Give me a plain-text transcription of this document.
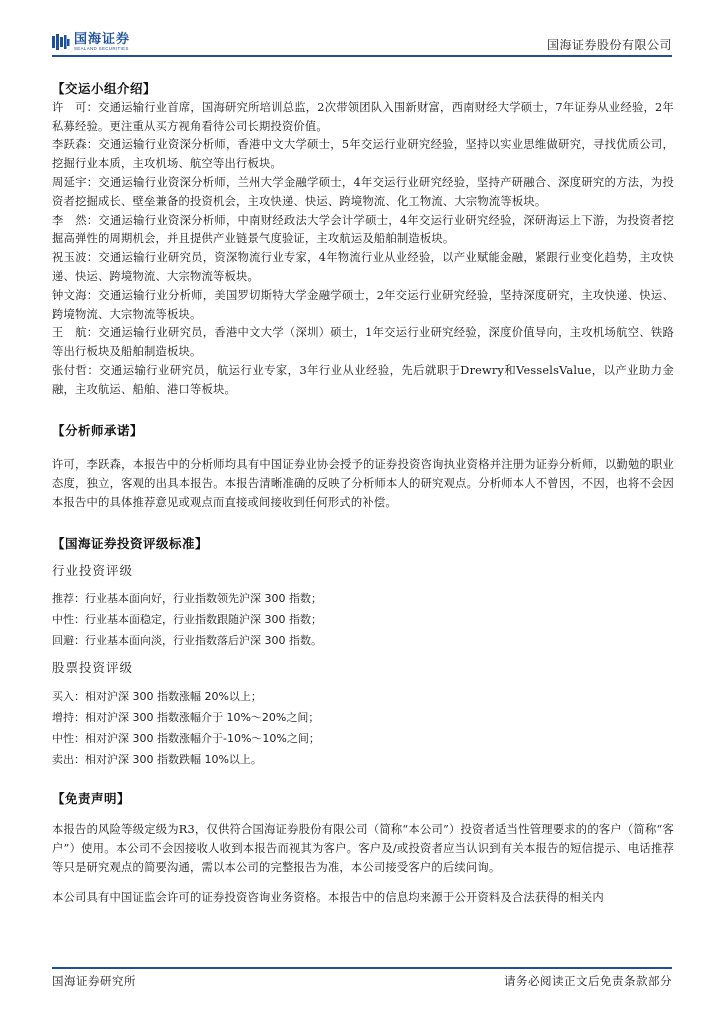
国海证券
SEALAND SECURITIES	国海证券股份有限公司
【交运小组介绍】

许　可：交通运输行业首席，国海研究所培训总监，2次带领团队入围新财富，西南财经大学硕士，7年证券从业经验，2年私募经验。更注重从买方视角看待公司长期投资价值。

李跃森：交通运输行业资深分析师，香港中文大学硕士，5年交运行业研究经验，坚持以实业思维做研究，寻找优质公司，挖掘行业本质，主攻机场、航空等出行板块。

周延宇：交通运输行业资深分析师，兰州大学金融学硕士，4年交运行业研究经验，坚持产研融合、深度研究的方法，为投资者挖掘成长、壁垒兼备的投资机会，主攻快递、快运、跨境物流、化工物流、大宗物流等板块。

李　然：交通运输行业资深分析师，中南财经政法大学会计学硕士，4年交运行业研究经验，深研海运上下游，为投资者挖掘高弹性的周期机会，并且提供产业链景气度验证，主攻航运及船舶制造板块。

祝玉波：交通运输行业研究员，资深物流行业专家，4年物流行业从业经验，以产业赋能金融，紧跟行业变化趋势，主攻快递、快运、跨境物流、大宗物流等板块。

钟文海：交通运输行业分析师，美国罗切斯特大学金融学硕士，2年交运行业研究经验，坚持深度研究，主攻快递、快运、跨境物流、大宗物流等板块。

王　航：交通运输行业研究员，香港中文大学（深圳）硕士，1年交运行业研究经验，深度价值导向，主攻机场航空、铁路等出行板块及船舶制造板块。

张付哲：交通运输行业研究员，航运行业专家，3年行业从业经验，先后就职于Drewry和VesselsValue，以产业助力金融，主攻航运、船舶、港口等板块。

【分析师承诺】

许可，李跃森，本报告中的分析师均具有中国证券业协会授予的证券投资咨询执业资格并注册为证券分析师，以勤勉的职业态度，独立，客观的出具本报告。本报告清晰准确的反映了分析师本人的研究观点。分析师本人不曾因，不因，也将不会因本报告中的具体推荐意见或观点而直接或间接收到任何形式的补偿。

【国海证券投资评级标准】

行业投资评级

推荐：行业基本面向好，行业指数领先沪深 300 指数；

中性：行业基本面稳定，行业指数跟随沪深 300 指数；

回避：行业基本面向淡，行业指数落后沪深 300 指数。

股票投资评级

买入：相对沪深 300 指数涨幅 20%以上；

增持：相对沪深 300 指数涨幅介于 10%～20%之间；

中性：相对沪深 300 指数涨幅介于-10%～10%之间；

卖出：相对沪深 300 指数跌幅 10%以上。

【免责声明】

本报告的风险等级定级为R3，仅供符合国海证券股份有限公司（简称“本公司”）投资者适当性管理要求的的客户（简称“客户”）使用。本公司不会因接收人收到本报告而视其为客户。客户及/或投资者应当认识到有关本报告的短信提示、电话推荐等只是研究观点的简要沟通，需以本公司的完整报告为准，本公司接受客户的后续问询。

本公司具有中国证监会许可的证券投资咨询业务资格。本报告中的信息均来源于公开资料及合法获得的相关内

国海证券研究所	请务必阅读正文后免责条款部分
